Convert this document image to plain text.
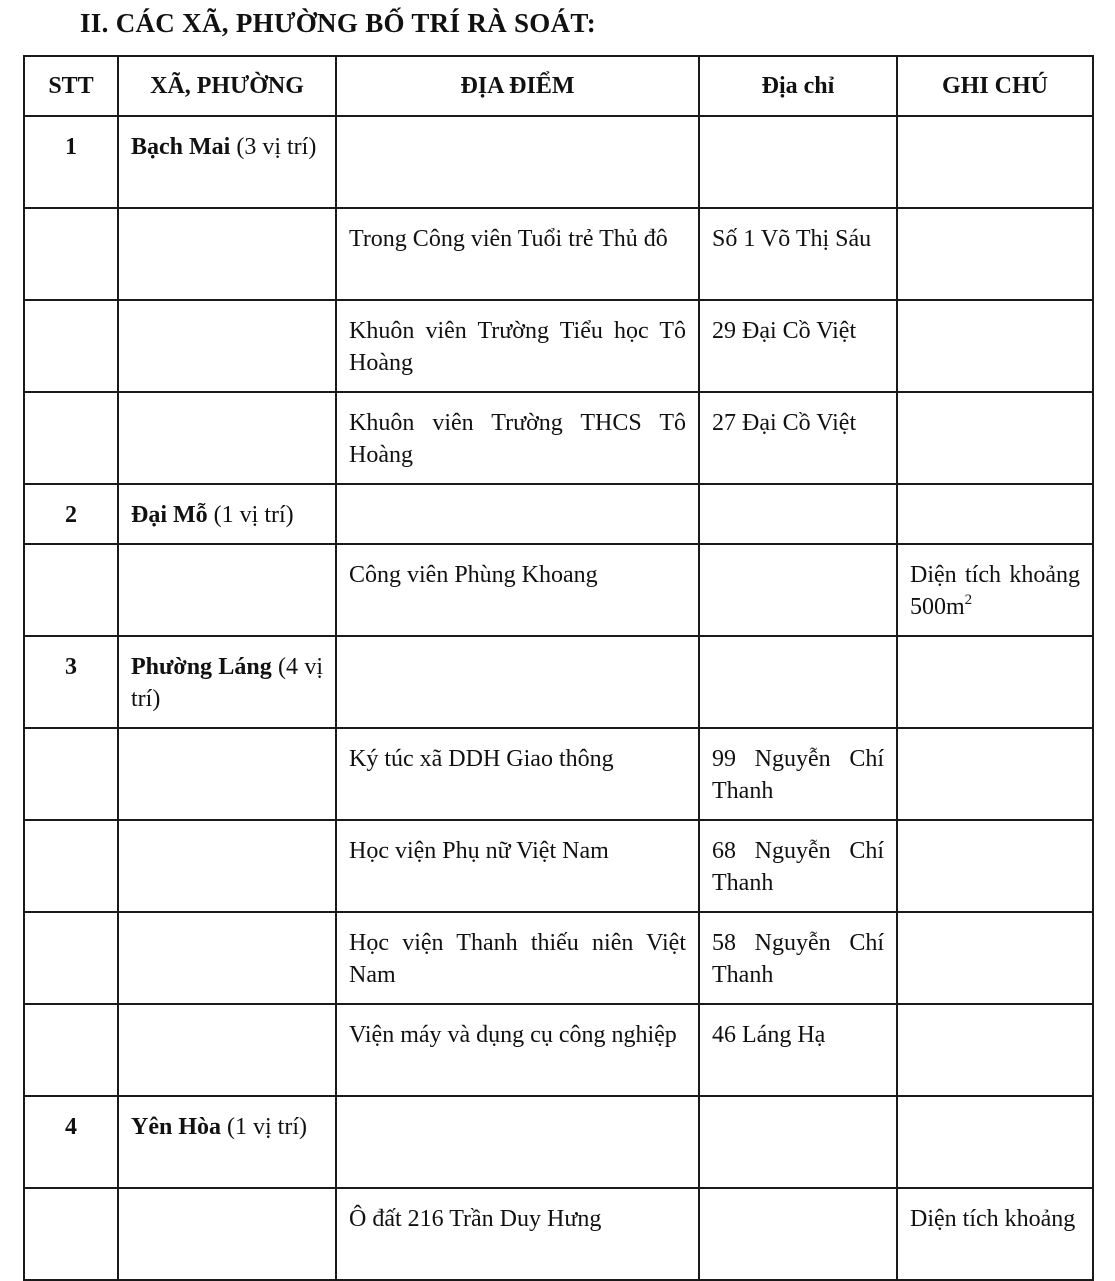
II. CÁC XÃ, PHƯỜNG BỐ TRÍ RÀ SOÁT:
STT	XÃ, PHƯỜNG	ĐỊA ĐIỂM	Địa chỉ	GHI CHÚ
1	Bạch Mai (3 vị trí)			
		Trong Công viên Tuổi trẻ Thủ đô	Số 1 Võ Thị Sáu	
		Khuôn viên Trường Tiểu học Tô Hoàng	29 Đại Cồ Việt	
		Khuôn viên Trường THCS Tô Hoàng	27 Đại Cồ Việt	
2	Đại Mỗ (1 vị trí)			
		Công viên Phùng Khoang		Diện tích khoảng $500m^2$
3	Phường Láng (4 vị trí)			
		Ký túc xã DDH Giao thông	99 Nguyễn Chí Thanh	
		Học viện Phụ nữ Việt Nam	68 Nguyễn Chí Thanh	
		Học viện Thanh thiếu niên Việt Nam	58 Nguyễn Chí Thanh	
		Viện máy và dụng cụ công nghiệp	46 Láng Hạ	
4	Yên Hòa (1 vị trí)			
		Ô đất 216 Trần Duy Hưng		Diện tích khoảng
